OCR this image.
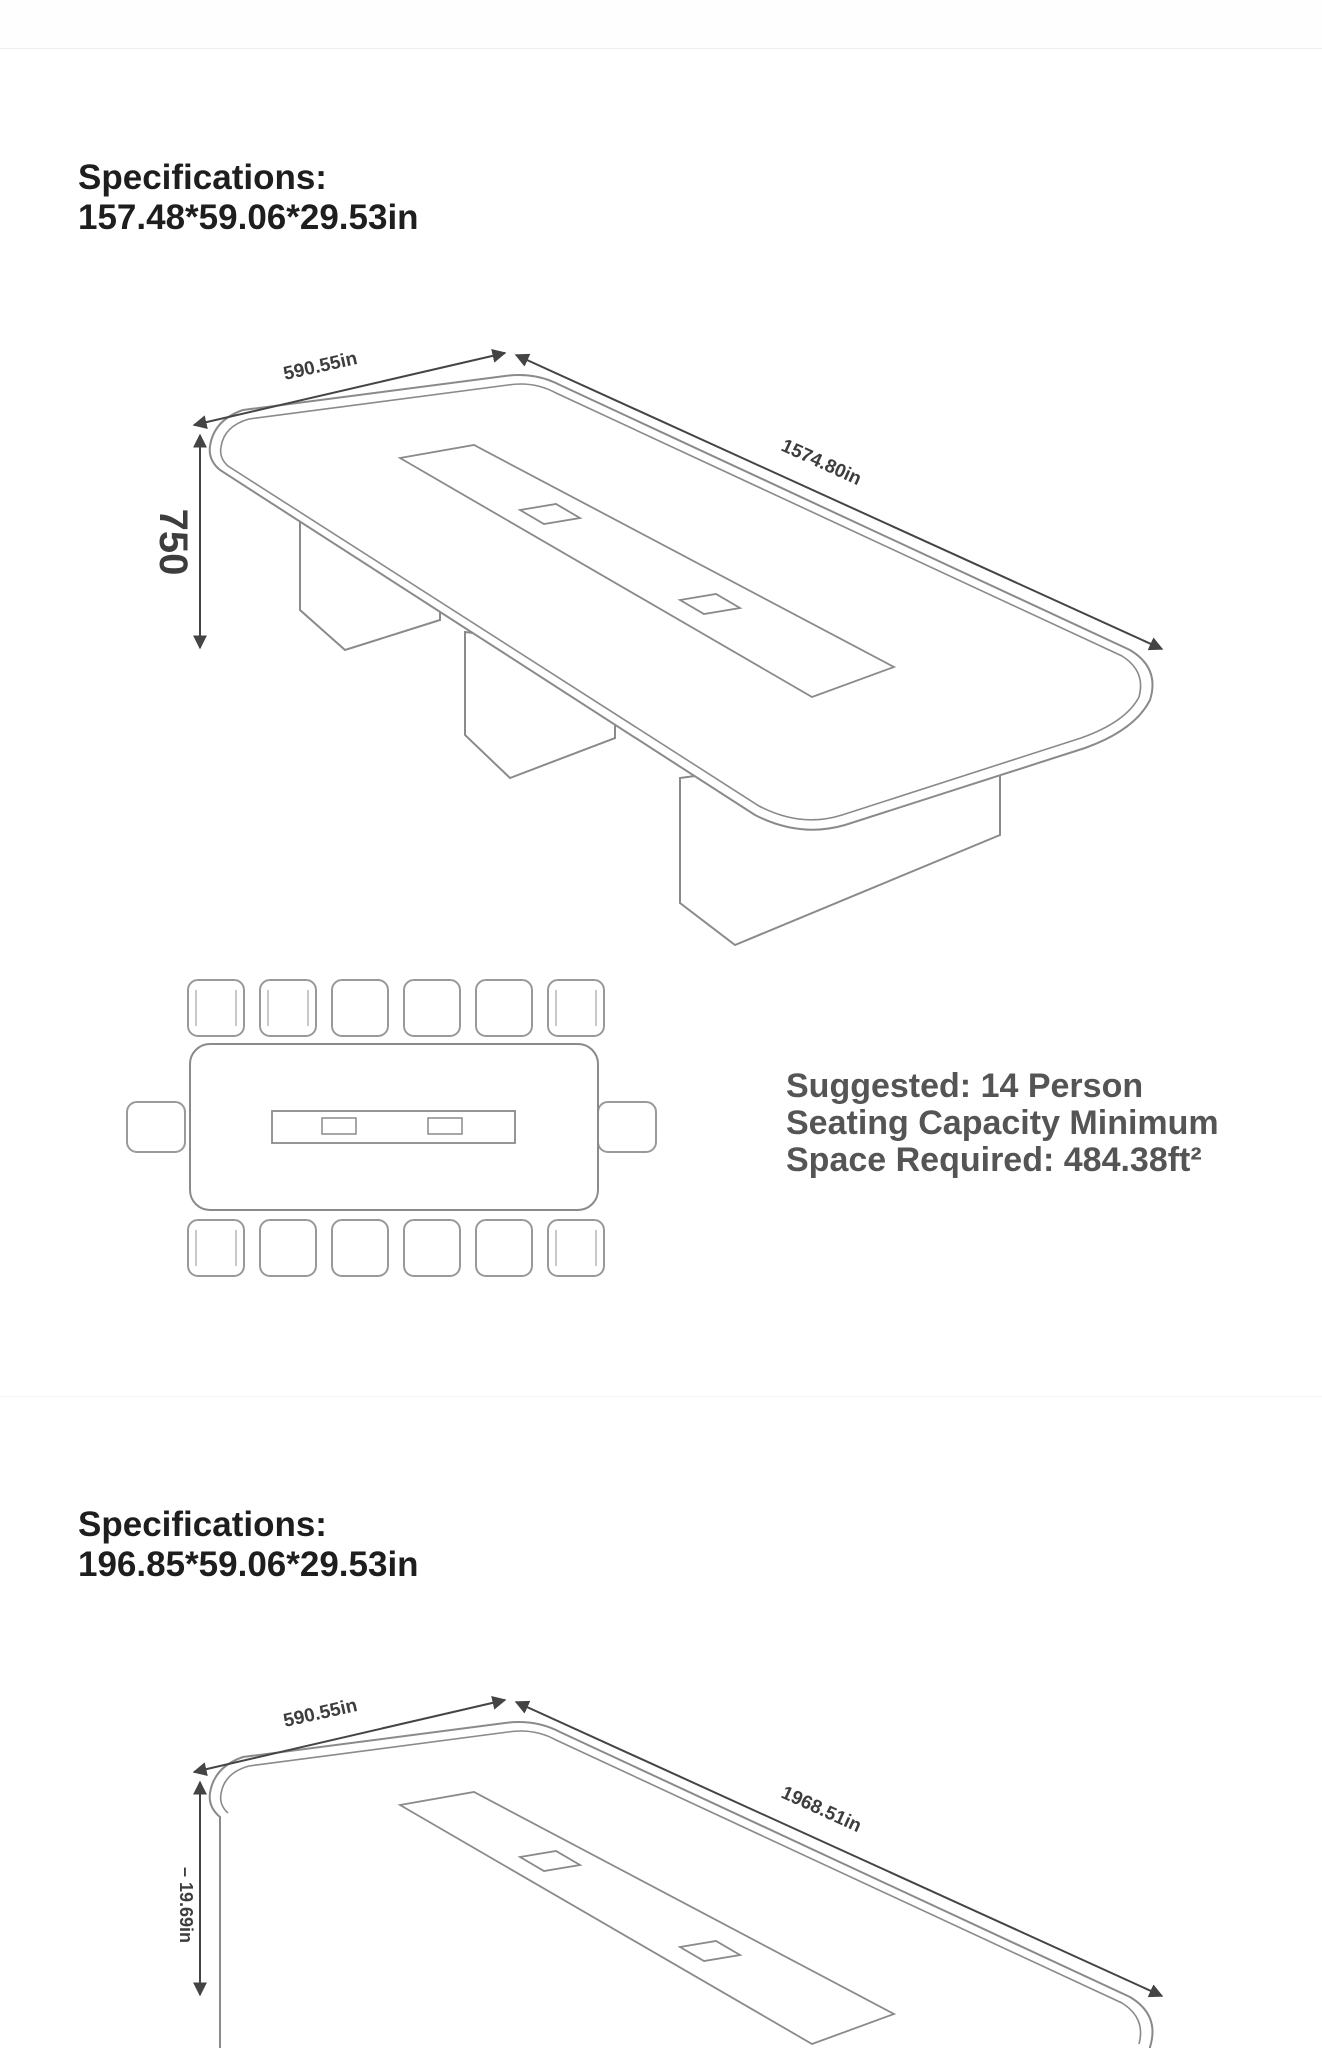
Specifications:
157.48*59.06*29.53in
590.55in
1574.80in
750

Suggested: 14 Person
Seating Capacity Minimum
Space Required: 484.38ft²

Specifications:
196.85*59.06*29.53in
590.55in
1968.51in
– 19.69in
